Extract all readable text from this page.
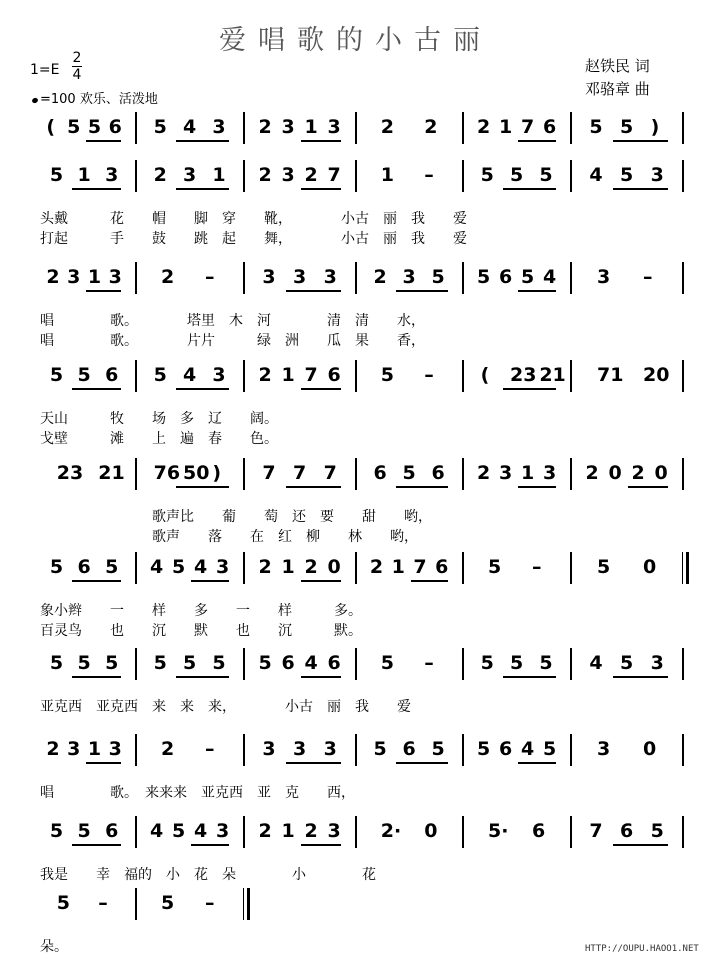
爱唱歌的小古丽
赵铁民 词
邓骆章 曲
1=E
2
4
=100 欢乐、活泼地
( 5 5 6 5 4 3 2 3 1 3 2 2 2 1 7 6 5 5 )
5 1 3 2 3 1 2 3 2 7 1 – 5 5 5 4 5 3
头戴　　　花　　帽　　脚　穿　　靴，　　　　小古　丽　我　　爱
打起　　　手　　鼓　　跳　起　　舞，　　　　小古　丽　我　　爱
2 3 1 3 2 –	3 3 3 2 3 5 5 6 5 4 3 –
唱　　　　歌。　　　　塔里　木　河　　　　清　清　　水，
唱　　　　歌。　　　　片片　　　绿　洲　　瓜　果　　香，
5 5 6 5 4 3 2 1 7 6 5 – ( 23 21 71 20
天山　　　牧　　场　多　辽　　阔。
戈壁　　　滩　　上　遍　春　　色。
23 21 76 50 ) 7 7 7 6 5 6 2 3 1 3 2 0 2 0
　　　　　　　　歌声比　　葡　　萄　还　要　　甜　　哟，
　　　　　　　　歌声　　落　　在　红　柳　　林　　哟，
5 6 5 4 5 4 3 2 1 2 0 2 1 7 6 5 –	5 0
象小辫　　一　　样　　多　　一　　样　　　多。
百灵鸟　　也　　沉　　默　　也　　沉　　　默。
5 5 5 5 5 5 5 6 4 6 5 – 5 5 5 4 5 3
亚克西　亚克西　来　来　来，　　　　小古　丽　我　　爱
2 3 1 3 2 –	3 3 3 5 6 5 5 6 4 5 3 0
唱　　　　歌。　来来来　亚克西　亚　克　　西，
5 5 6 4 5 4 3 2 1 2 3 2· 0	5· 6 7 6 5
我是　　幸　福的　小　花　朵　　　　小　　　　花
5 –	5 –
朵。	HTTP://OUPU.HAOO1.NET
